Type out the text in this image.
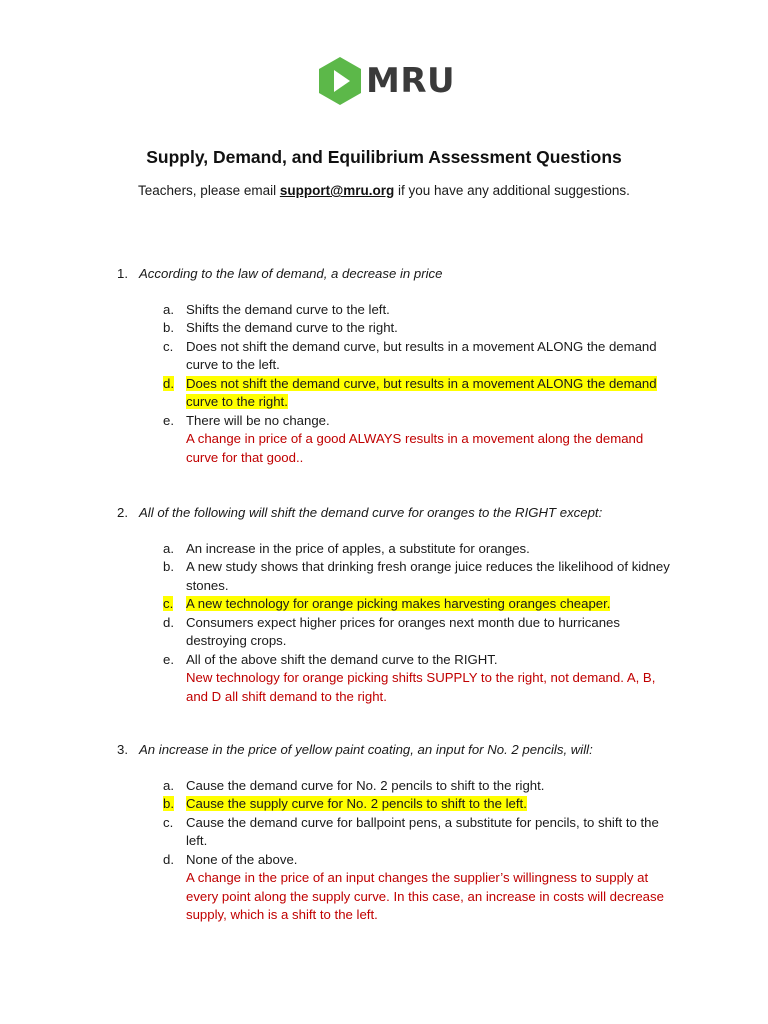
MRU
Supply, Demand, and Equilibrium Assessment Questions
Teachers, please email support@mru.org if you have any additional suggestions.
1. According to the law of demand, a decrease in price
a. Shifts the demand curve to the left.
b. Shifts the demand curve to the right.
c. Does not shift the demand curve, but results in a movement ALONG the demand curve to the left.
d. Does not shift the demand curve, but results in a movement ALONG the demand curve to the right.
e. There will be no change.
A change in price of a good ALWAYS results in a movement along the demand curve for that good..
2. All of the following will shift the demand curve for oranges to the RIGHT except:
a. An increase in the price of apples, a substitute for oranges.
b. A new study shows that drinking fresh orange juice reduces the likelihood of kidney stones.
c. A new technology for orange picking makes harvesting oranges cheaper.
d. Consumers expect higher prices for oranges next month due to hurricanes destroying crops.
e. All of the above shift the demand curve to the RIGHT.
New technology for orange picking shifts SUPPLY to the right, not demand. A, B, and D all shift demand to the right.
3. An increase in the price of yellow paint coating, an input for No. 2 pencils, will:
a. Cause the demand curve for No. 2 pencils to shift to the right.
b. Cause the supply curve for No. 2 pencils to shift to the left.
c. Cause the demand curve for ballpoint pens, a substitute for pencils, to shift to the left.
d. None of the above.
A change in the price of an input changes the supplier’s willingness to supply at every point along the supply curve. In this case, an increase in costs will decrease supply, which is a shift to the left.
